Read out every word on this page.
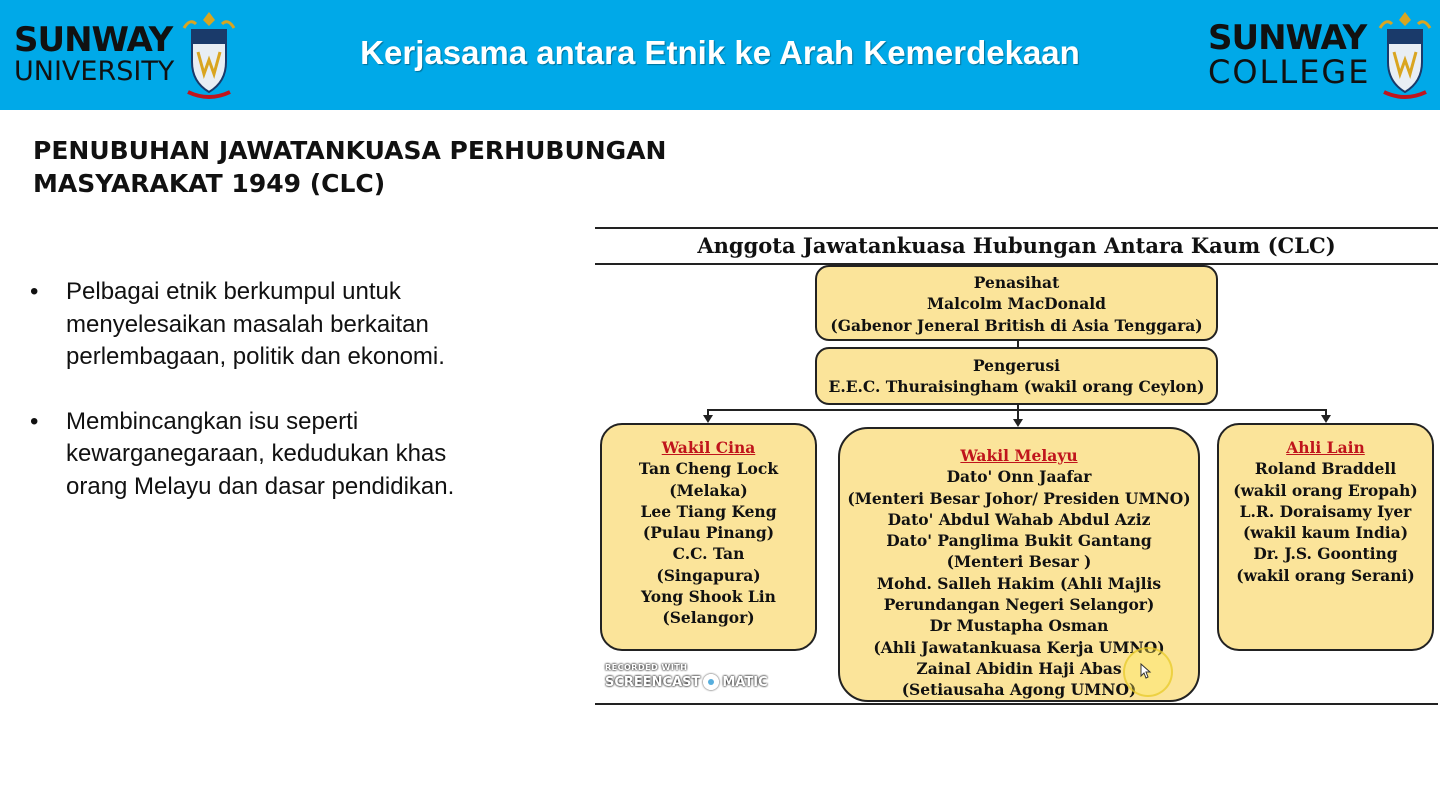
SUNWAY
UNIVERSITY
Kerjasama antara Etnik ke Arah Kemerdekaan	SUNWAY
COLLEGE
PENUBUHAN JAWATANKUASA PERHUBUNGAN
MASYARAKAT 1949 (CLC)
• Pelbagai etnik berkumpul untuk
menyelesaikan masalah berkaitan
perlembagaan, politik dan ekonomi.
• Membincangkan isu seperti
kewarganegaraan, kedudukan khas
orang Melayu dan dasar pendidikan.
Anggota Jawatankuasa Hubungan Antara Kaum (CLC)
Penasihat
Malcolm MacDonald
(Gabenor Jeneral British di Asia Tenggara)
Pengerusi
E.E.C. Thuraisingham (wakil orang Ceylon)
Wakil Cina
Tan Cheng Lock
(Melaka)
Lee Tiang Keng
(Pulau Pinang)
C.C. Tan
(Singapura)
Yong Shook Lin
(Selangor)
Wakil Melayu
Dato' Onn Jaafar
(Menteri Besar Johor/ Presiden UMNO)
Dato' Abdul Wahab Abdul Aziz
Dato' Panglima Bukit Gantang
(Menteri Besar )
Mohd. Salleh Hakim (Ahli Majlis
Perundangan Negeri Selangor)
Dr Mustapha Osman
(Ahli Jawatankuasa Kerja UMNO)
Zainal Abidin Haji Abas
(Setiausaha Agong UMNO)
Ahli Lain
Roland Braddell
(wakil orang Eropah)
L.R. Doraisamy Iyer
(wakil kaum India)
Dr. J.S. Goonting
(wakil orang Serani)
RECORDED WITH
SCREENCAST MATIC
